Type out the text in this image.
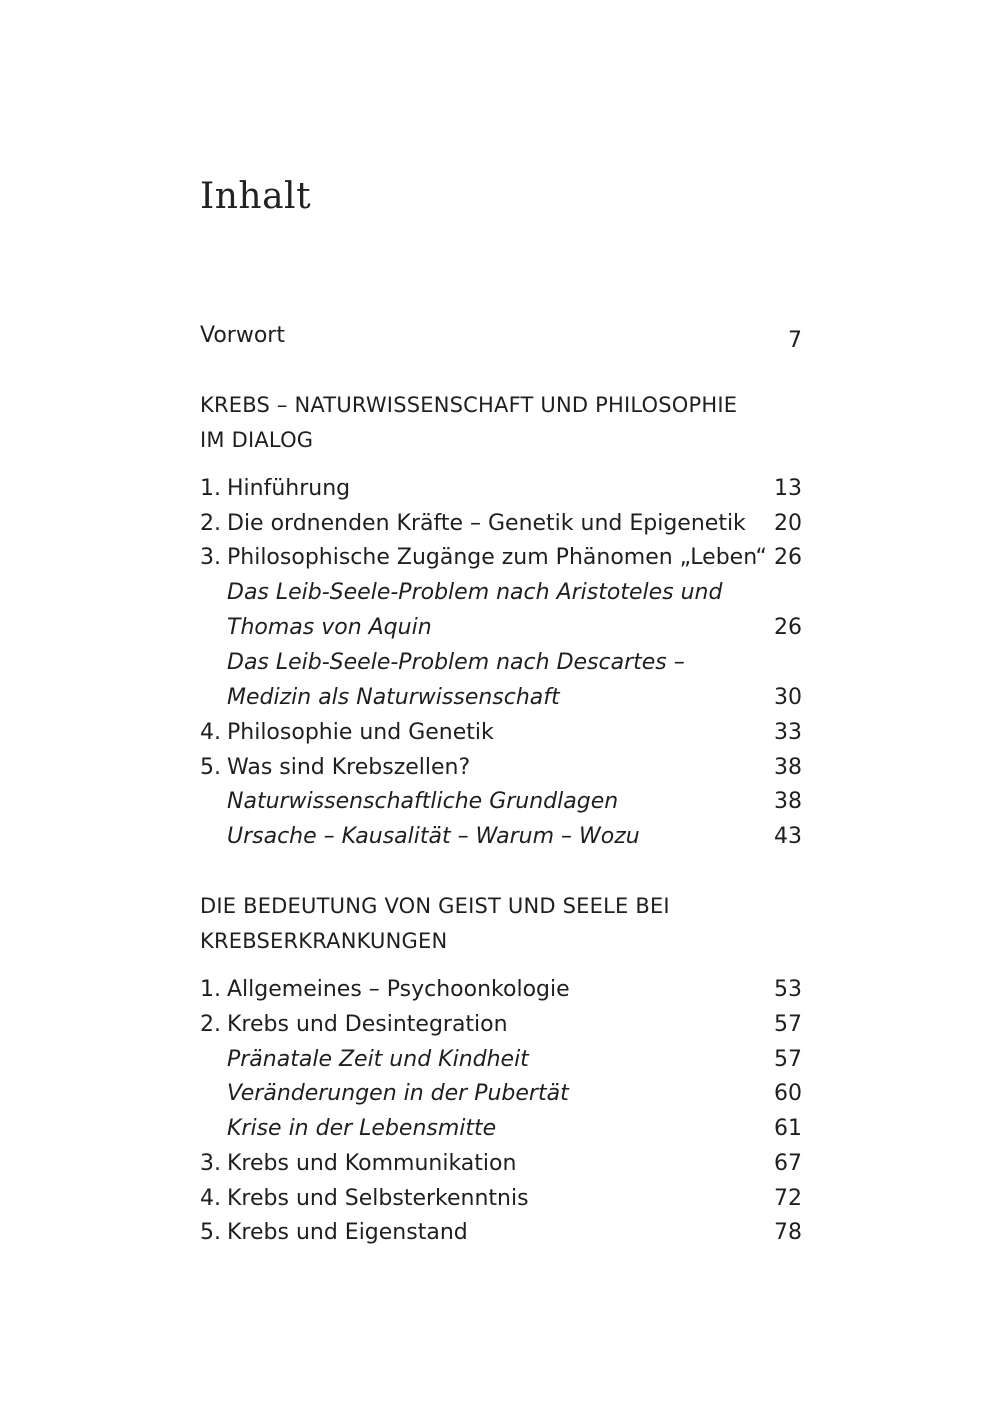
Inhalt
Vorwort	7
KREBS – NATURWISSENSCHAFT UND PHILOSOPHIE
IM DIALOG
1. Hinführung	13
2. Die ordnenden Kräfte – Genetik und Epigenetik 20
3. Philosophische Zugänge zum Phänomen „Leben“ 26
Das Leib-Seele-Problem nach Aristoteles und
Thomas von Aquin	26
Das Leib-Seele-Problem nach Descartes –
Medizin als Naturwissenschaft	30
4. Philosophie und Genetik	33
5. Was sind Krebszellen?	38
Naturwissenschaftliche Grundlagen	38
Ursache – Kausalität – Warum – Wozu	43
DIE BEDEUTUNG VON GEIST UND SEELE BEI
KREBSERKRANKUNGEN
1. Allgemeines – Psychoonkologie	53
2. Krebs und Desintegration	57
Pränatale Zeit und Kindheit	57
Veränderungen in der Pubertät	60
Krise in der Lebensmitte	61
3. Krebs und Kommunikation	67
4. Krebs und Selbsterkenntnis	72
5. Krebs und Eigenstand	78
